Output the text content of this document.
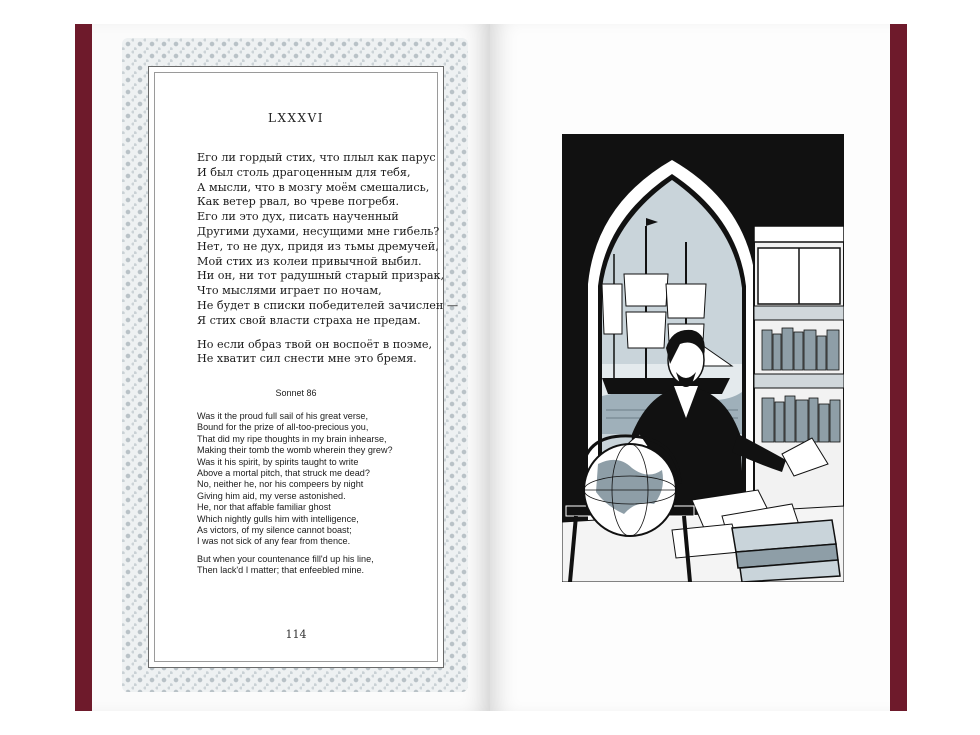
LXXXVI
Его ли гордый стих, что плыл как парус
И был столь драгоценным для тебя,
А мысли, что в мозгу моём смешались,
Как ветер рвал, во чреве погребя.
Его ли это дух, писать наученный
Другими духами, несущими мне гибель?
Нет, то не дух, придя из тьмы дремучей,
Мой стих из колеи привычной выбил.
Ни он, ни тот радушный старый призрак,
Что мыслями играет по ночам,
Не будет в списки победителей зачислен —
Я стих свой власти страха не предам.
Но если образ твой он воспоёт в поэме,
Не хватит сил снести мне это бремя.
Sonnet 86
Was it the proud full sail of his great verse,
Bound for the prize of all-too-precious you,
That did my ripe thoughts in my brain inhearse,
Making their tomb the womb wherein they grew?
Was it his spirit, by spirits taught to write
Above a mortal pitch, that struck me dead?
No, neither he, nor his compeers by night
Giving him aid, my verse astonished.
He, nor that affable familiar ghost
Which nightly gulls him with intelligence,
As victors, of my silence cannot boast;
I was not sick of any fear from thence.
But when your countenance fill'd up his line,
Then lack'd I matter; that enfeebled mine.
114
